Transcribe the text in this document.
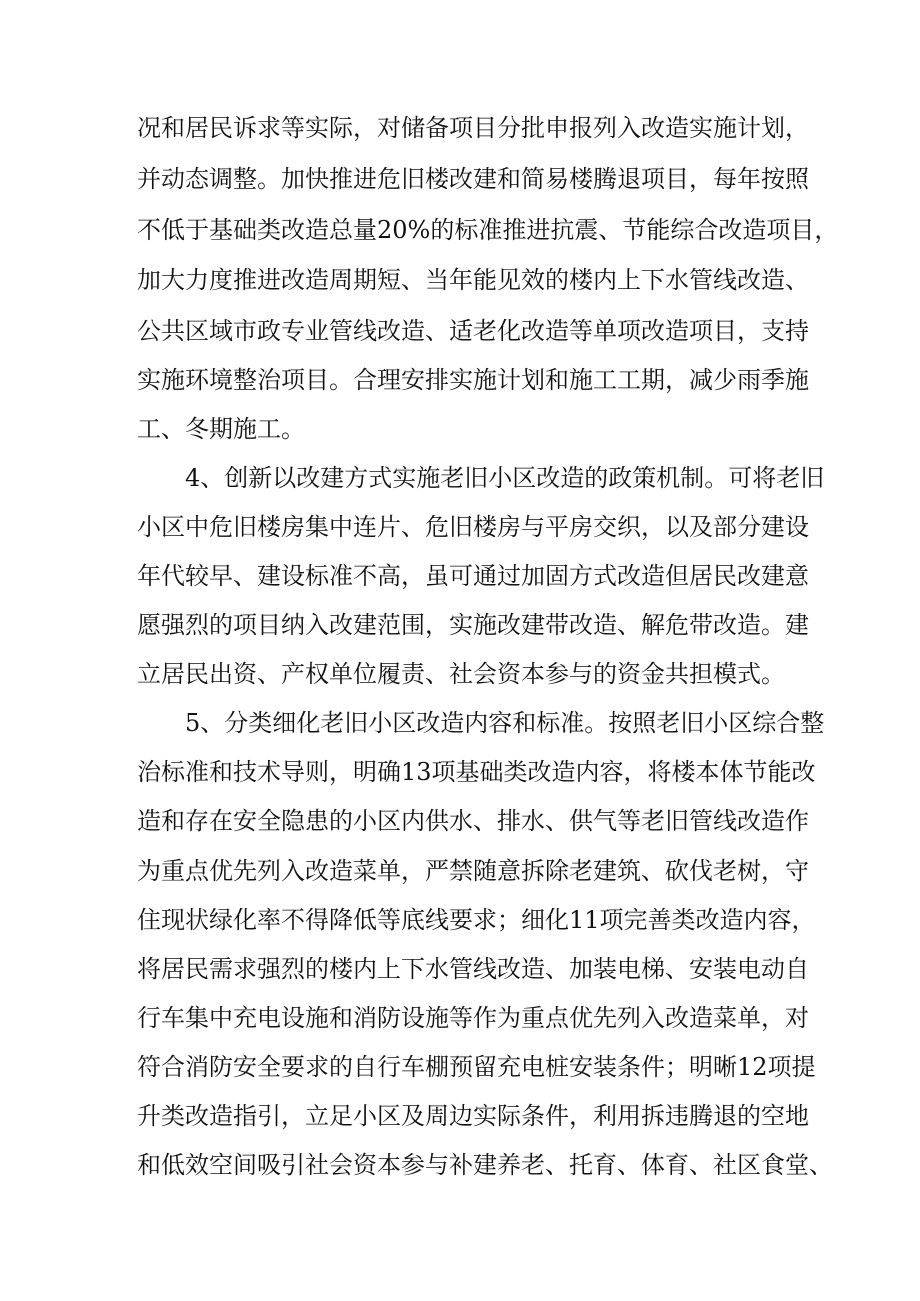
况和居民诉求等实际，对储备项目分批申报列入改造实施计划，
并动态调整。加快推进危旧楼改建和简易楼腾退项目，每年按照
不低于基础类改造总量20%的标准推进抗震、节能综合改造项目，
加大力度推进改造周期短、当年能见效的楼内上下水管线改造、
公共区域市政专业管线改造、适老化改造等单项改造项目，支持
实施环境整治项目。合理安排实施计划和施工工期，减少雨季施
工、冬期施工。
4、创新以改建方式实施老旧小区改造的政策机制。可将老旧
小区中危旧楼房集中连片、危旧楼房与平房交织，以及部分建设
年代较早、建设标准不高，虽可通过加固方式改造但居民改建意
愿强烈的项目纳入改建范围，实施改建带改造、解危带改造。建
立居民出资、产权单位履责、社会资本参与的资金共担模式。
5、分类细化老旧小区改造内容和标准。按照老旧小区综合整
治标准和技术导则，明确13项基础类改造内容，将楼本体节能改
造和存在安全隐患的小区内供水、排水、供气等老旧管线改造作
为重点优先列入改造菜单，严禁随意拆除老建筑、砍伐老树，守
住现状绿化率不得降低等底线要求；细化11项完善类改造内容，
将居民需求强烈的楼内上下水管线改造、加装电梯、安装电动自
行车集中充电设施和消防设施等作为重点优先列入改造菜单，对
符合消防安全要求的自行车棚预留充电桩安装条件；明晰12项提
升类改造指引，立足小区及周边实际条件，利用拆违腾退的空地
和低效空间吸引社会资本参与补建养老、托育、体育、社区食堂、
